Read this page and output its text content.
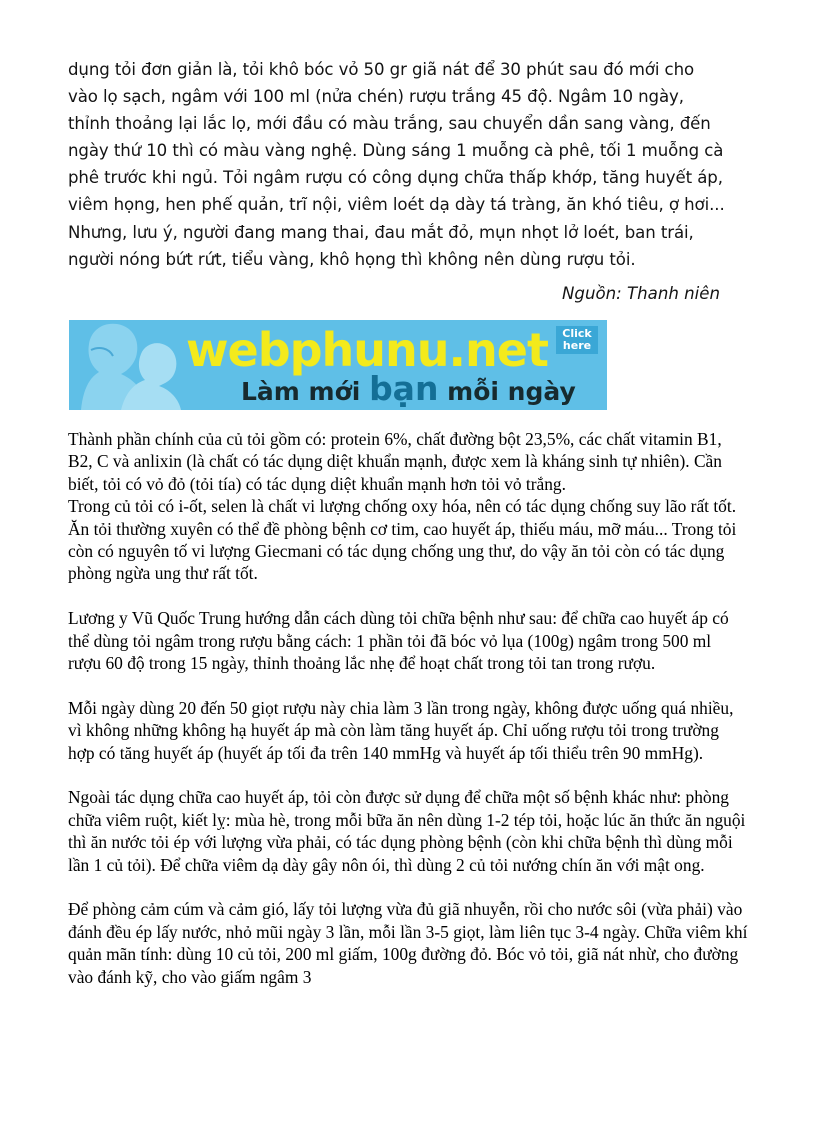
dụng tỏi đơn giản là, tỏi khô bóc vỏ 50 gr giã nát để 30 phút sau đó mới cho vào lọ sạch, ngâm với 100 ml (nửa chén) rượu trắng 45 độ. Ngâm 10 ngày, thỉnh thoảng lại lắc lọ, mới đầu có màu trắng, sau chuyển dần sang vàng, đến ngày thứ 10 thì có màu vàng nghệ. Dùng sáng 1 muỗng cà phê, tối 1 muỗng cà phê trước khi ngủ. Tỏi ngâm rượu có công dụng chữa thấp khớp, tăng huyết áp, viêm họng, hen phế quản, trĩ nội, viêm loét dạ dày tá tràng, ăn khó tiêu, ợ hơi... Nhưng, lưu ý, người đang mang thai, đau mắt đỏ, mụn nhọt lở loét, ban trái, người nóng bứt rứt, tiểu vàng, khô họng thì không nên dùng rượu tỏi.

Nguồn: Thanh niên
webphunu.net	Click
here
Làm mới bạn mỗi ngày

Thành phần chính của củ tỏi gồm có: protein 6%, chất đường bột 23,5%, các chất vitamin B1, B2, C và anlixin (là chất có tác dụng diệt khuẩn mạnh, được xem là kháng sinh tự nhiên). Cần biết, tỏi có vỏ đỏ (tỏi tía) có tác dụng diệt khuẩn mạnh hơn tỏi vỏ trắng.

Trong củ tỏi có i-ốt, selen là chất vi lượng chống oxy hóa, nên có tác dụng chống suy lão rất tốt. Ăn tỏi thường xuyên có thể đề phòng bệnh cơ tim, cao huyết áp, thiếu máu, mỡ máu... Trong tỏi còn có nguyên tố vi lượng Giecmani có tác dụng chống ung thư, do vậy ăn tỏi còn có tác dụng phòng ngừa ung thư rất tốt.

Lương y Vũ Quốc Trung hướng dẫn cách dùng tỏi chữa bệnh như sau: để chữa cao huyết áp có thể dùng tỏi ngâm trong rượu bằng cách: 1 phần tỏi đã bóc vỏ lụa (100g) ngâm trong 500 ml rượu 60 độ trong 15 ngày, thỉnh thoảng lắc nhẹ để hoạt chất trong tỏi tan trong rượu.

Mỗi ngày dùng 20 đến 50 giọt rượu này chia làm 3 lần trong ngày, không được uống quá nhiều, vì không những không hạ huyết áp mà còn làm tăng huyết áp. Chỉ uống rượu tỏi trong trường hợp có tăng huyết áp (huyết áp tối đa trên 140 mmHg và huyết áp tối thiểu trên 90 mmHg).

Ngoài tác dụng chữa cao huyết áp, tỏi còn được sử dụng để chữa một số bệnh khác như: phòng chữa viêm ruột, kiết lỵ: mùa hè, trong mỗi bữa ăn nên dùng 1-2 tép tỏi, hoặc lúc ăn thức ăn nguội thì ăn nước tỏi ép với lượng vừa phải, có tác dụng phòng bệnh (còn khi chữa bệnh thì dùng mỗi lần 1 củ tỏi). Để chữa viêm dạ dày gây nôn ói, thì dùng 2 củ tỏi nướng chín ăn với mật ong.

Để phòng cảm cúm và cảm gió, lấy tỏi lượng vừa đủ giã nhuyễn, rồi cho nước sôi (vừa phải) vào đánh đều ép lấy nước, nhỏ mũi ngày 3 lần, mỗi lần 3-5 giọt, làm liên tục 3-4 ngày. Chữa viêm khí quản mãn tính: dùng 10 củ tỏi, 200 ml giấm, 100g đường đỏ. Bóc vỏ tỏi, giã nát nhừ, cho đường vào đánh kỹ, cho vào giấm ngâm 3
